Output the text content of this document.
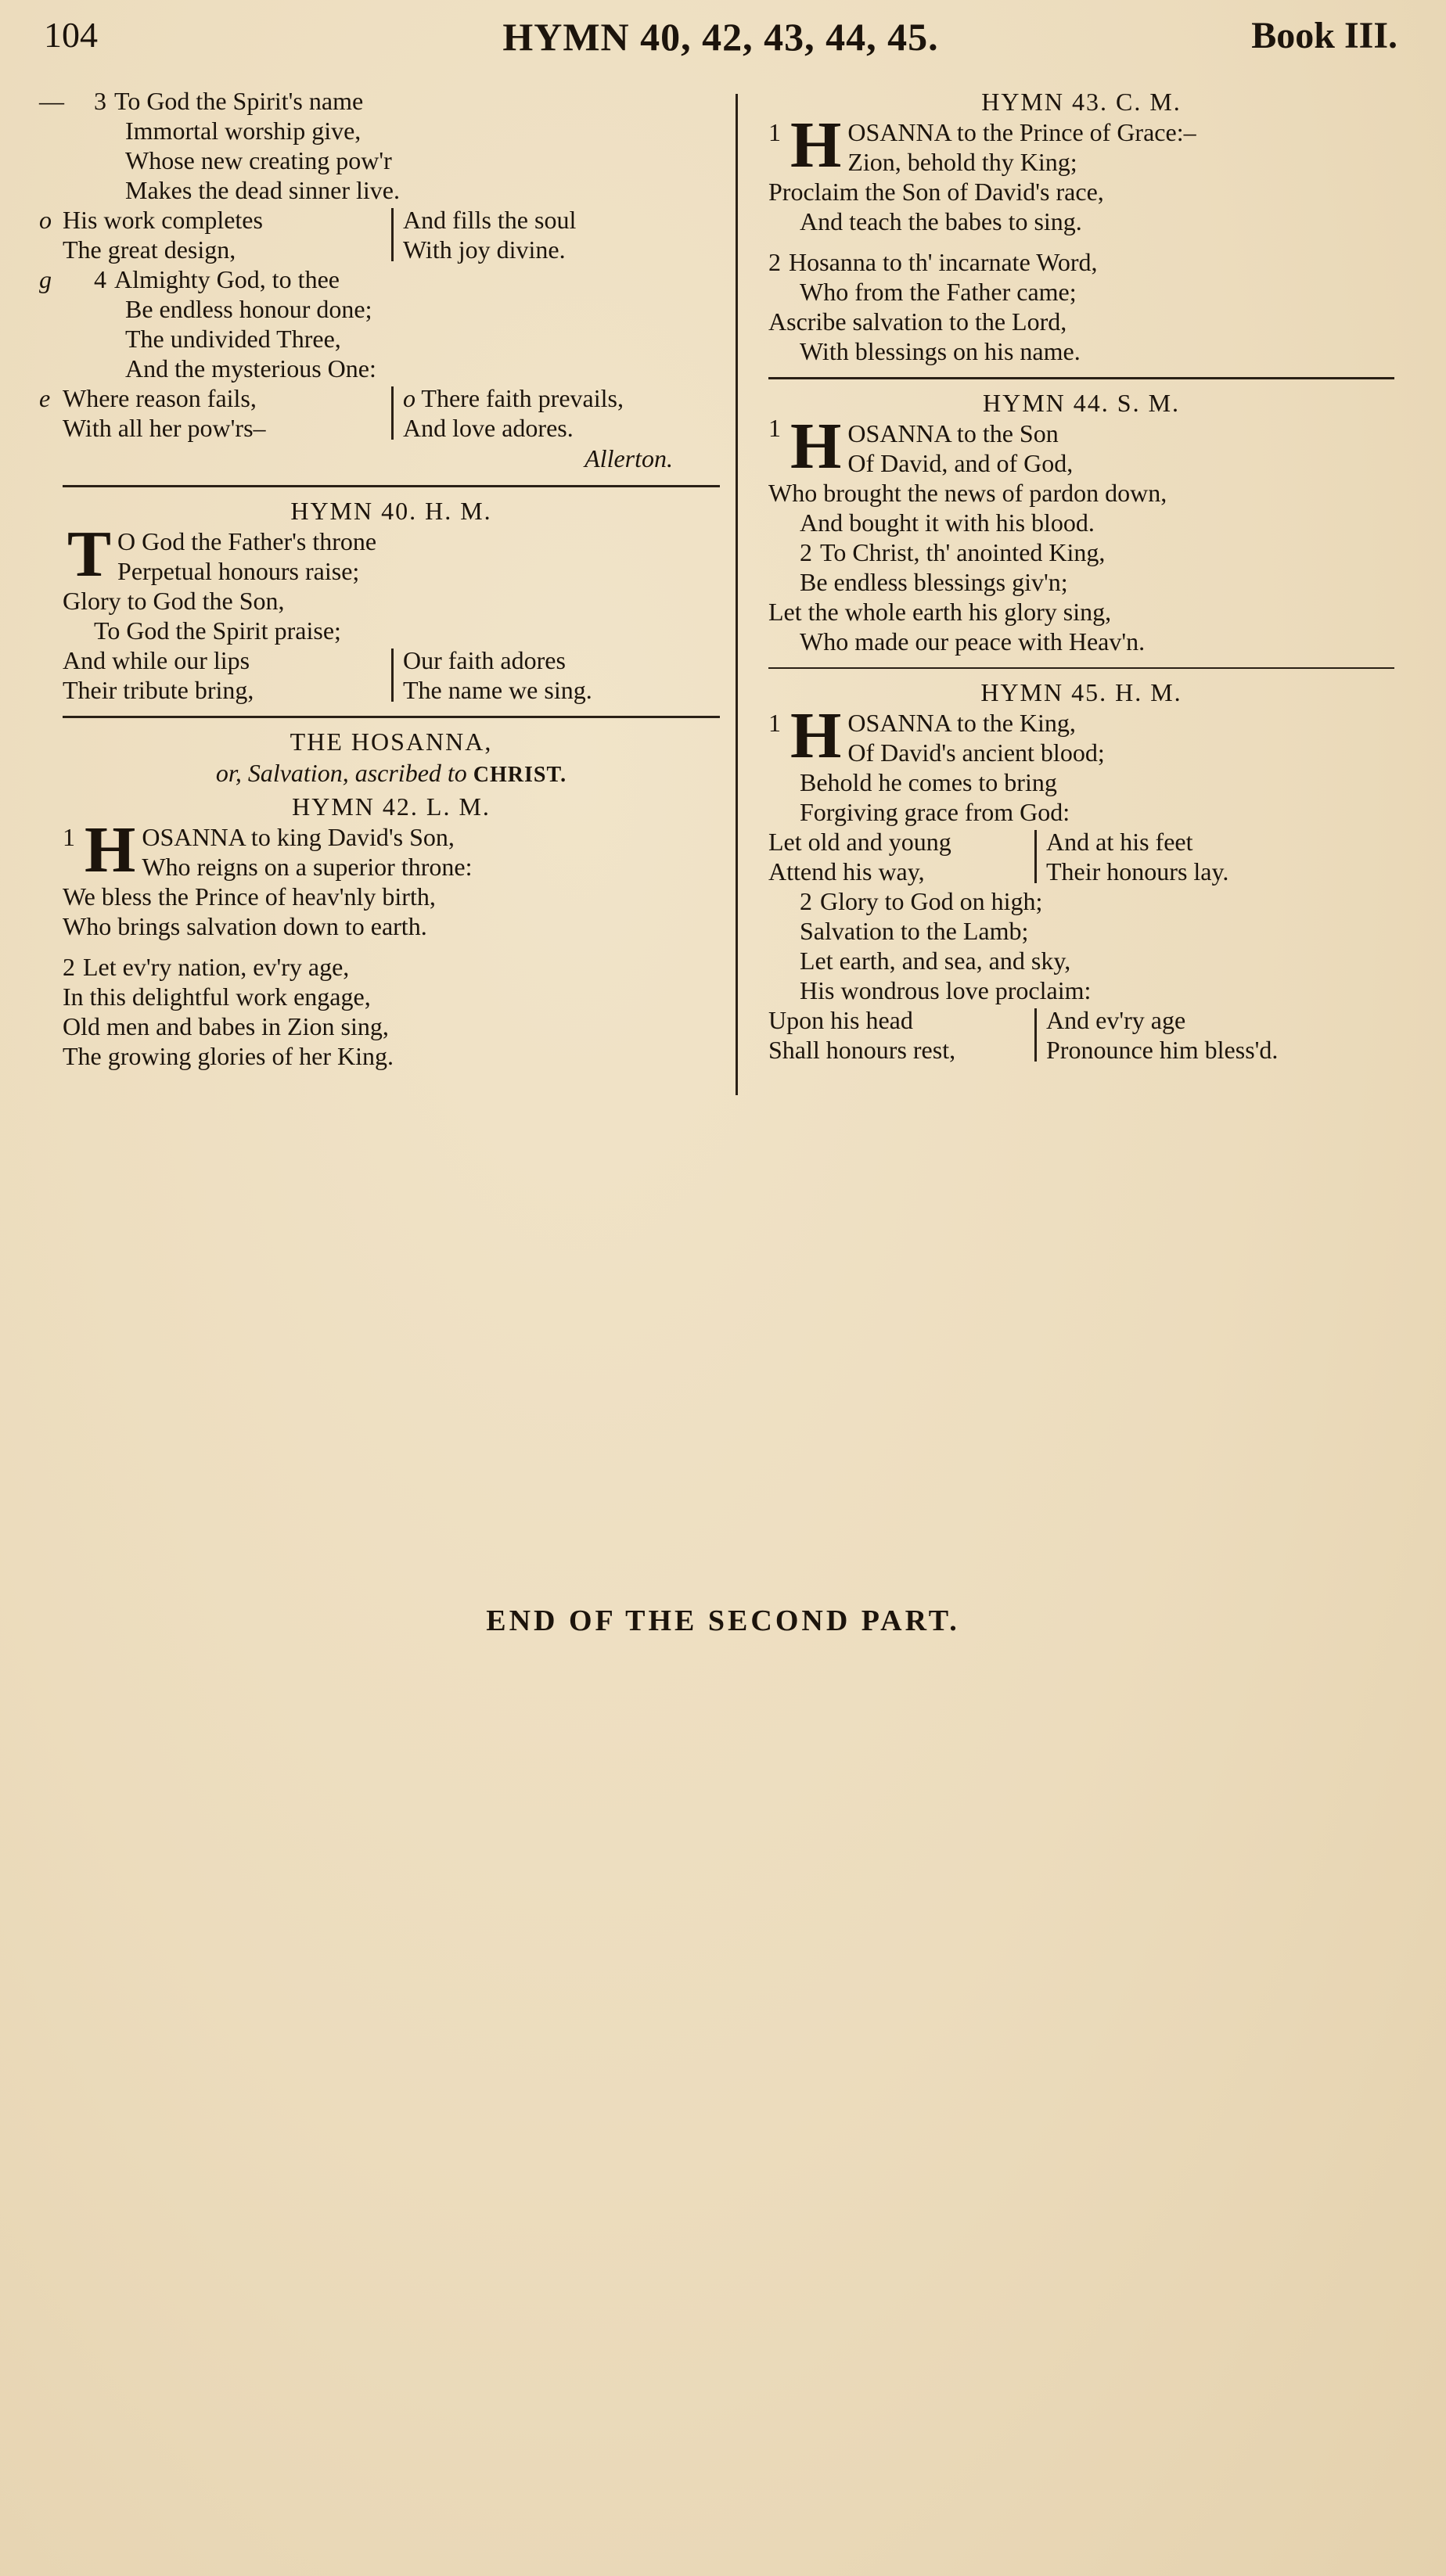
104	HYMN 40, 42, 43, 44, 45.	Book III.
— 3 To God the Spirit's name
Immortal worship give,
Whose new creating pow'r
Makes the dead sinner live.
o His work completes
The great design,
And fills the soul
With joy divine.
g 4 Almighty God, to thee
Be endless honour done;
The undivided Three,
And the mysterious One:
e Where reason fails,
With all her pow'rs–
o There faith prevails,
And love adores.
Allerton.
HYMN 40. H. M.
T O God the Father's throne
Perpetual honours raise;
Glory to God the Son,
To God the Spirit praise;
And while our lips
Their tribute bring,
Our faith adores
The name we sing.
THE HOSANNA,
or, Salvation, ascribed to CHRIST.
HYMN 42. L. M.
1 H OSANNA to king David's Son,
Who reigns on a superior throne:
We bless the Prince of heav'nly birth,
Who brings salvation down to earth.
2 Let ev'ry nation, ev'ry age,
In this delightful work engage,
Old men and babes in Zion sing,
The growing glories of her King.
HYMN 43. C. M.
1 H OSANNA to the Prince of Grace:–
Zion, behold thy King;
Proclaim the Son of David's race,
And teach the babes to sing.
2 Hosanna to th' incarnate Word,
Who from the Father came;
Ascribe salvation to the Lord,
With blessings on his name.
HYMN 44. S. M.
1 H OSANNA to the Son
Of David, and of God,
Who brought the news of pardon down,
And bought it with his blood.
2 To Christ, th' anointed King,
Be endless blessings giv'n;
Let the whole earth his glory sing,
Who made our peace with Heav'n.
HYMN 45. H. M.
1 H OSANNA to the King,
Of David's ancient blood;
Behold he comes to bring
Forgiving grace from God:
Let old and young
Attend his way,
And at his feet
Their honours lay.
2 Glory to God on high;
Salvation to the Lamb;
Let earth, and sea, and sky,
His wondrous love proclaim:
Upon his head
Shall honours rest,
And ev'ry age
Pronounce him bless'd.
END OF THE SECOND PART.
